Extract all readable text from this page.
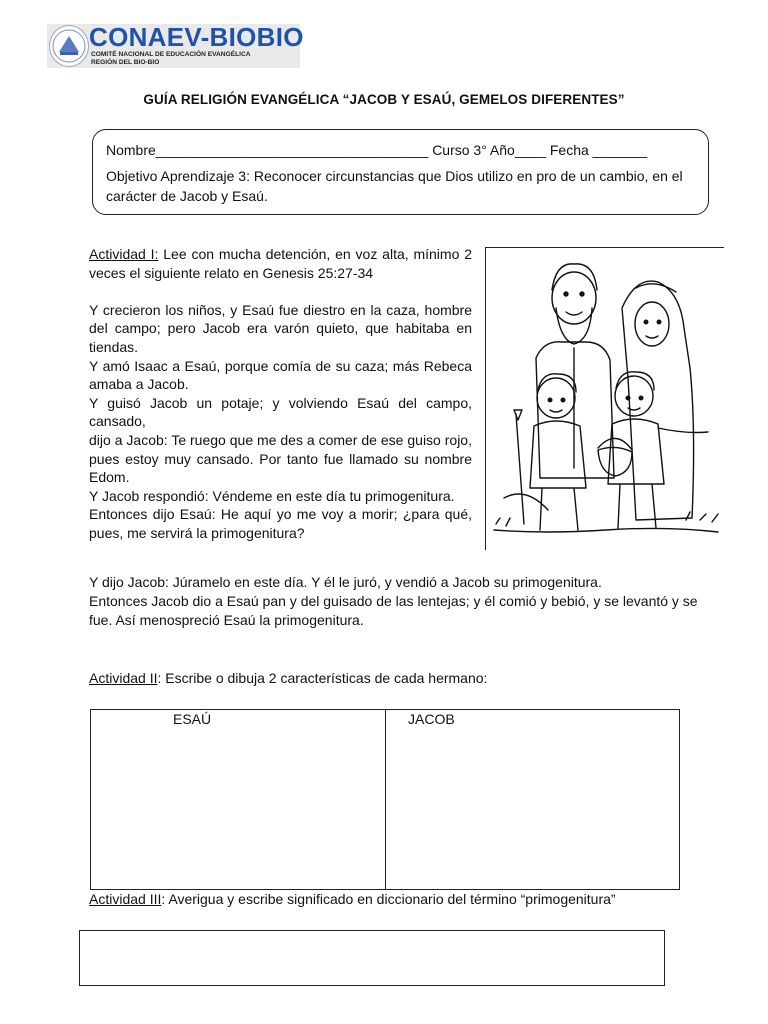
CONAEV-BIOBIO
COMITÉ NACIONAL DE EDUCACIÓN EVANGÉLICA
REGIÓN DEL BIO-BIO
GUÍA RELIGIÓN EVANGÉLICA “JACOB Y ESAÚ, GEMELOS DIFERENTES”
Nombre___________________________________ Curso 3° Año____ Fecha _______
Objetivo Aprendizaje 3: Reconocer circunstancias que Dios utilizo en pro de un cambio, en el carácter de Jacob y Esaú.

Actividad I: Lee con mucha detención, en voz alta, mínimo 2 veces el siguiente relato en Genesis 25:27-34

Y crecieron los niños, y Esaú fue diestro en la caza, hombre del campo; pero Jacob era varón quieto, que habitaba en tiendas.

Y amó Isaac a Esaú, porque comía de su caza; más Rebeca amaba a Jacob.

Y guisó Jacob un potaje; y volviendo Esaú del campo, cansado,

dijo a Jacob: Te ruego que me des a comer de ese guiso rojo, pues estoy muy cansado. Por tanto fue llamado su nombre Edom.

Y Jacob respondió: Véndeme en este día tu primogenitura.

Entonces dijo Esaú: He aquí yo me voy a morir; ¿para qué, pues, me servirá la primogenitura?

Y dijo Jacob: Júramelo en este día. Y él le juró, y vendió a Jacob su primogenitura.

Entonces Jacob dio a Esaú pan y del guisado de las lentejas; y él comió y bebió, y se levantó y se fue. Así menospreció Esaú la primogenitura.

Actividad II: Escribe o dibuja 2 características de cada hermano:
ESAÚ	JACOB
Actividad III: Averigua y escribe significado en diccionario del término “primogenitura”
